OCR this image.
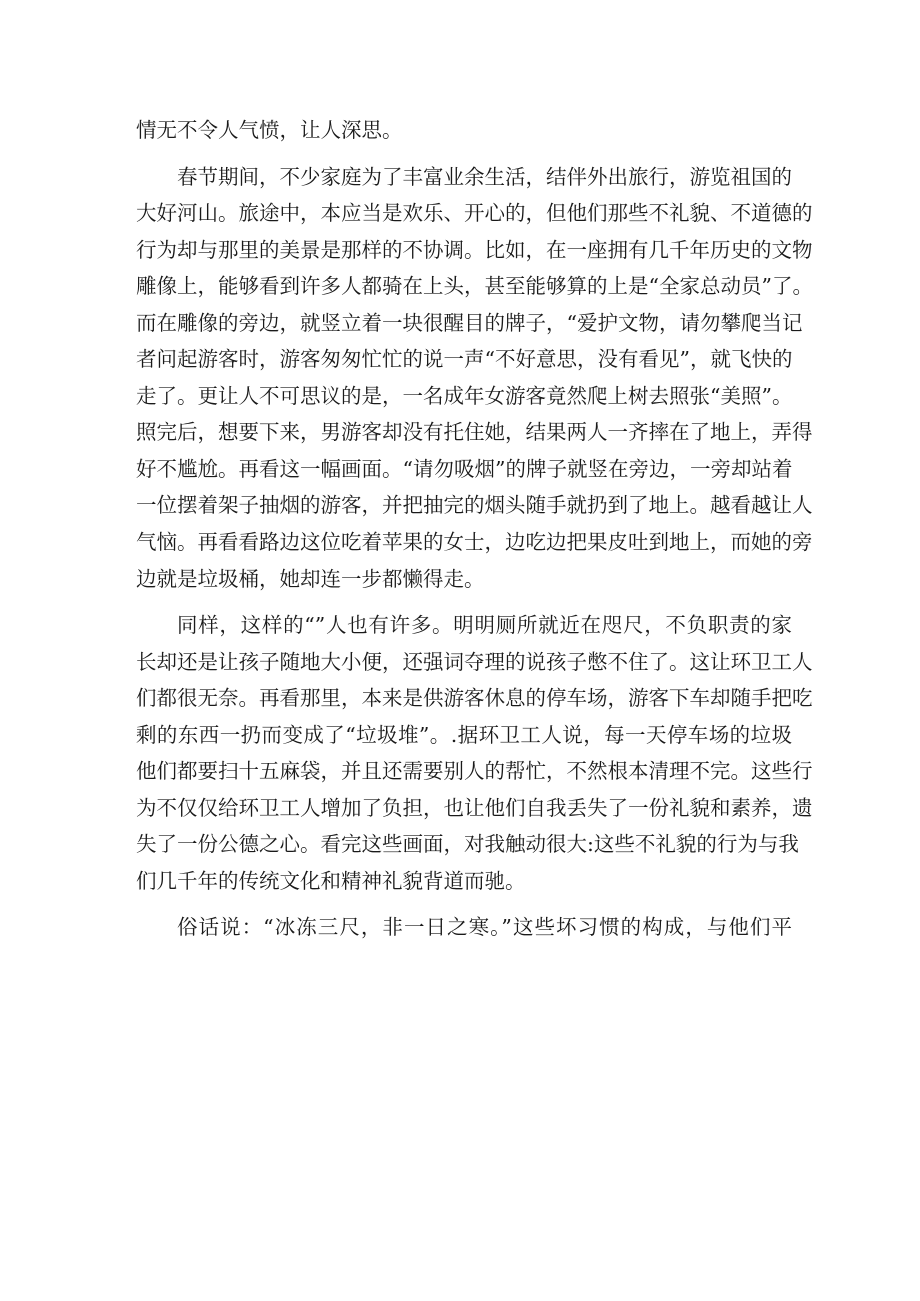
情无不令人气愤，让人深思。
春节期间，不少家庭为了丰富业余生活，结伴外出旅行，游览祖国的
大好河山。旅途中，本应当是欢乐、开心的，但他们那些不礼貌、不道德的
行为却与那里的美景是那样的不协调。比如，在一座拥有几千年历史的文物
雕像上，能够看到许多人都骑在上头，甚至能够算的上是“全家总动员”了。
而在雕像的旁边，就竖立着一块很醒目的牌子，“爱护文物，请勿攀爬当记
者问起游客时，游客匆匆忙忙的说一声“不好意思，没有看见”，就飞快的
走了。更让人不可思议的是，一名成年女游客竟然爬上树去照张“美照”。
照完后，想要下来，男游客却没有托住她，结果两人一齐摔在了地上，弄得
好不尴尬。再看这一幅画面。“请勿吸烟”的牌子就竖在旁边，一旁却站着
一位摆着架子抽烟的游客，并把抽完的烟头随手就扔到了地上。越看越让人
气恼。再看看路边这位吃着苹果的女士，边吃边把果皮吐到地上，而她的旁
边就是垃圾桶，她却连一步都懒得走。
同样，这样的“”人也有许多。明明厕所就近在咫尺，不负职责的家
长却还是让孩子随地大小便，还强词夺理的说孩子憋不住了。这让环卫工人
们都很无奈。再看那里，本来是供游客休息的停车场，游客下车却随手把吃
剩的东西一扔而变成了“垃圾堆”。.据环卫工人说，每一天停车场的垃圾
他们都要扫十五麻袋，并且还需要别人的帮忙，不然根本清理不完。这些行
为不仅仅给环卫工人增加了负担，也让他们自我丢失了一份礼貌和素养，遗
失了一份公德之心。看完这些画面，对我触动很大:这些不礼貌的行为与我
们几千年的传统文化和精神礼貌背道而驰。
俗话说：“冰冻三尺，非一日之寒。”这些坏习惯的构成，与他们平
